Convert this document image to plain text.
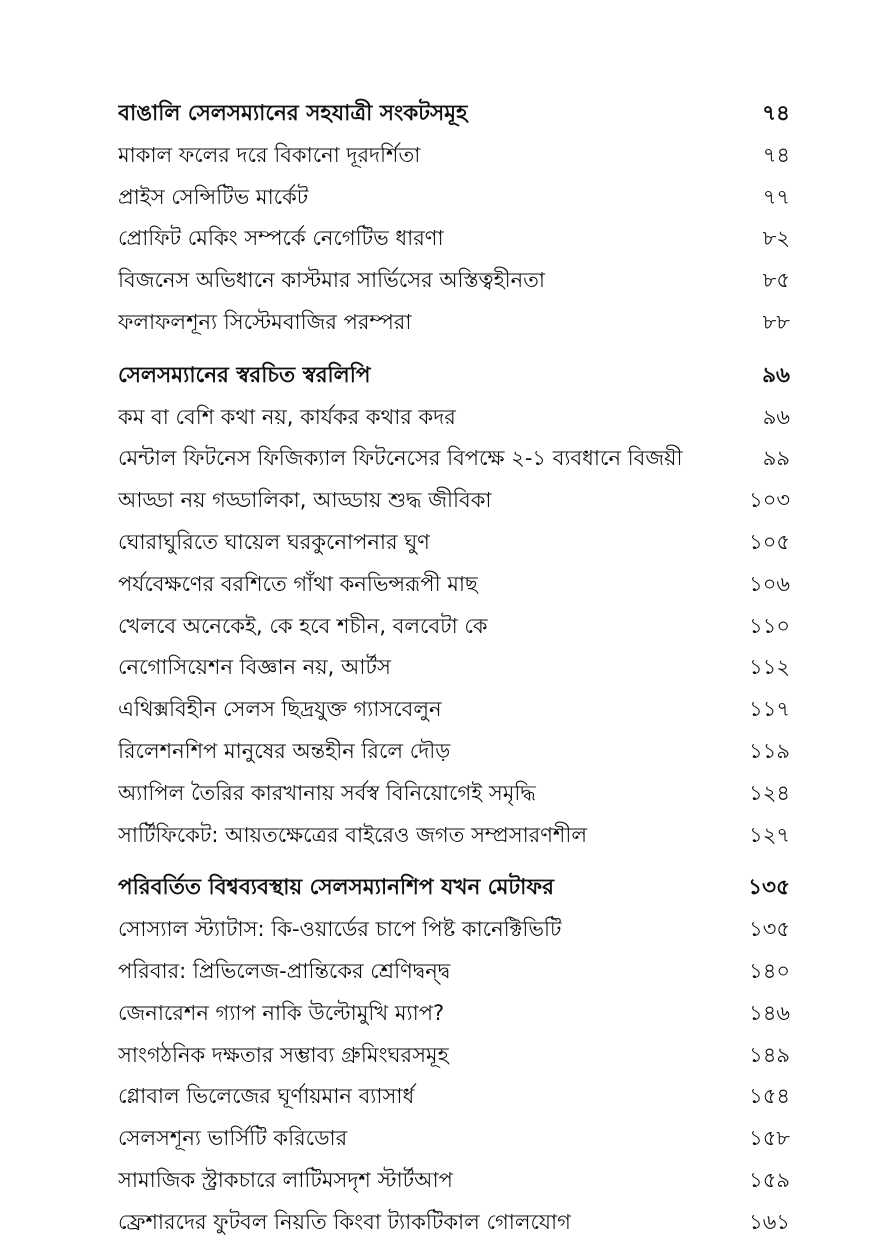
বাঙালি সেলসম্যানের সহযাত্রী সংকটসমূহ	৭৪
মাকাল ফলের দরে বিকানো দূরদর্শিতা	৭৪
প্রাইস সেন্সিটিভ মার্কেট	৭৭
প্রোফিট মেকিং সম্পর্কে নেগেটিভ ধারণা	৮২
বিজনেস অভিধানে কাস্টমার সার্ভিসের অস্তিত্বহীনতা	৮৫
ফলাফলশূন্য সিস্টেমবাজির পরম্পরা	৮৮
সেলসম্যানের স্বরচিত স্বরলিপি	৯৬
কম বা বেশি কথা নয়, কার্যকর কথার কদর	৯৬
মেন্টাল ফিটনেস ফিজিক্যাল ফিটনেসের বিপক্ষে ২-১ ব্যবধানে বিজয়ী	৯৯
আড্ডা নয় গড্ডালিকা, আড্ডায় শুদ্ধ জীবিকা	১০৩
ঘোরাঘুরিতে ঘায়েল ঘরকুনোপনার ঘুণ	১০৫
পর্যবেক্ষণের বরশিতে গাঁথা কনভিন্সরূপী মাছ	১০৬
খেলবে অনেকেই, কে হবে শচীন, বলবেটা কে	১১০
নেগোসিয়েশন বিজ্ঞান নয়, আর্টস	১১২
এথিক্সবিহীন সেলস ছিদ্রযুক্ত গ্যাসবেলুন	১১৭
রিলেশনশিপ মানুষের অন্তহীন রিলে দৌড়	১১৯
অ্যাপিল তৈরির কারখানায় সর্বস্ব বিনিয়োগেই সমৃদ্ধি	১২৪
সার্টিফিকেট: আয়তক্ষেত্রের বাইরেও জগত সম্প্রসারণশীল	১২৭
পরিবর্তিত বিশ্বব্যবস্থায় সেলসম্যানশিপ যখন মেটাফর	১৩৫
সোস্যাল স্ট্যাটাস: কি-ওয়ার্ডের চাপে পিষ্ট কানেক্টিভিটি	১৩৫
পরিবার: প্রিভিলেজ-প্রান্তিকের শ্রেণিদ্বন্দ্ব	১৪০
জেনারেশন গ্যাপ নাকি উল্টোমুখি ম্যাপ?	১৪৬
সাংগঠনিক দক্ষতার সম্ভাব্য গ্রুমিংঘরসমূহ	১৪৯
গ্লোবাল ভিলেজের ঘূর্ণায়মান ব্যাসার্ধ	১৫৪
সেলসশূন্য ভার্সিটি করিডোর	১৫৮
সামাজিক স্ট্রাকচারে লাটিমসদৃশ স্টার্টআপ	১৫৯
ফ্রেশারদের ফুটবল নিয়তি কিংবা ট্যাকটিকাল গোলযোগ	১৬১
